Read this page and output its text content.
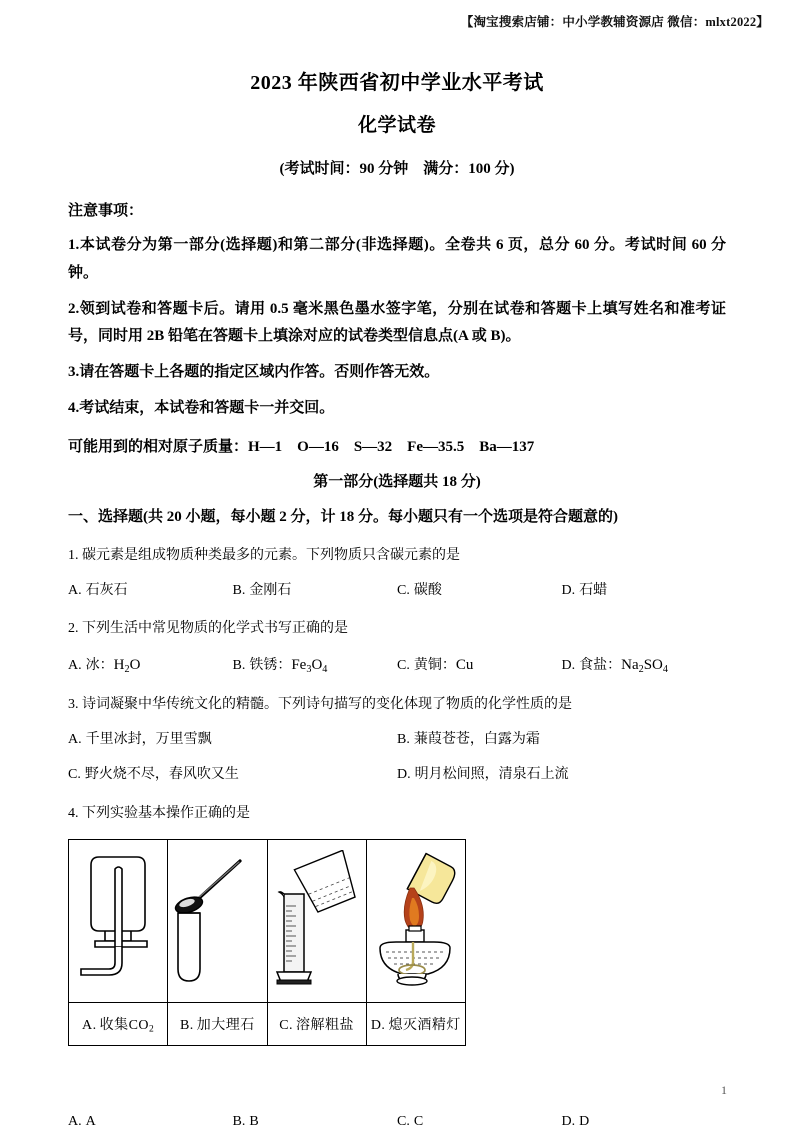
【淘宝搜索店铺：中小学教辅资源店 微信：mlxt2022】
2023 年陕西省初中学业水平考试
化学试卷
(考试时间：90 分钟　满分：100 分)
注意事项：
1.本试卷分为第一部分(选择题)和第二部分(非选择题)。全卷共 6 页，总分 60 分。考试时间 60 分钟。
2.领到试卷和答题卡后。请用 0.5 毫米黑色墨水签字笔，分别在试卷和答题卡上填写姓名和准考证号，同时用 2B 铅笔在答题卡上填涂对应的试卷类型信息点(A 或 B)。
3.请在答题卡上各题的指定区域内作答。否则作答无效。
4.考试结束，本试卷和答题卡一并交回。
可能用到的相对原子质量：H—1　O—16　S—32　Fe—35.5　Ba—137
第一部分(选择题共 18 分)
一、选择题(共 20 小题，每小题 2 分，计 18 分。每小题只有一个选项是符合题意的)
1. 碳元素是组成物质种类最多的元素。下列物质只含碳元素的是
A. 石灰石	B. 金刚石	C. 碳酸	D. 石蜡
2. 下列生活中常见物质的化学式书写正确的是
A. 冰：$H_2O$	B. 铁锈：$Fe_3O_4$	C. 黄铜：Cu	D. 食盐：$Na_2SO_4$
3. 诗词凝聚中华传统文化的精髓。下列诗句描写的变化体现了物质的化学性质的是
A. 千里冰封，万里雪飘	B. 蒹葭苍苍，白露为霜
C. 野火烧不尽，春风吹又生	D. 明月松间照，清泉石上流
4. 下列实验基本操作正确的是

A. 收集$CO_2$	B. 加大理石	C. 溶解粗盐	D. 熄灭酒精灯
A. A	B. B	C. C	D. D
1
